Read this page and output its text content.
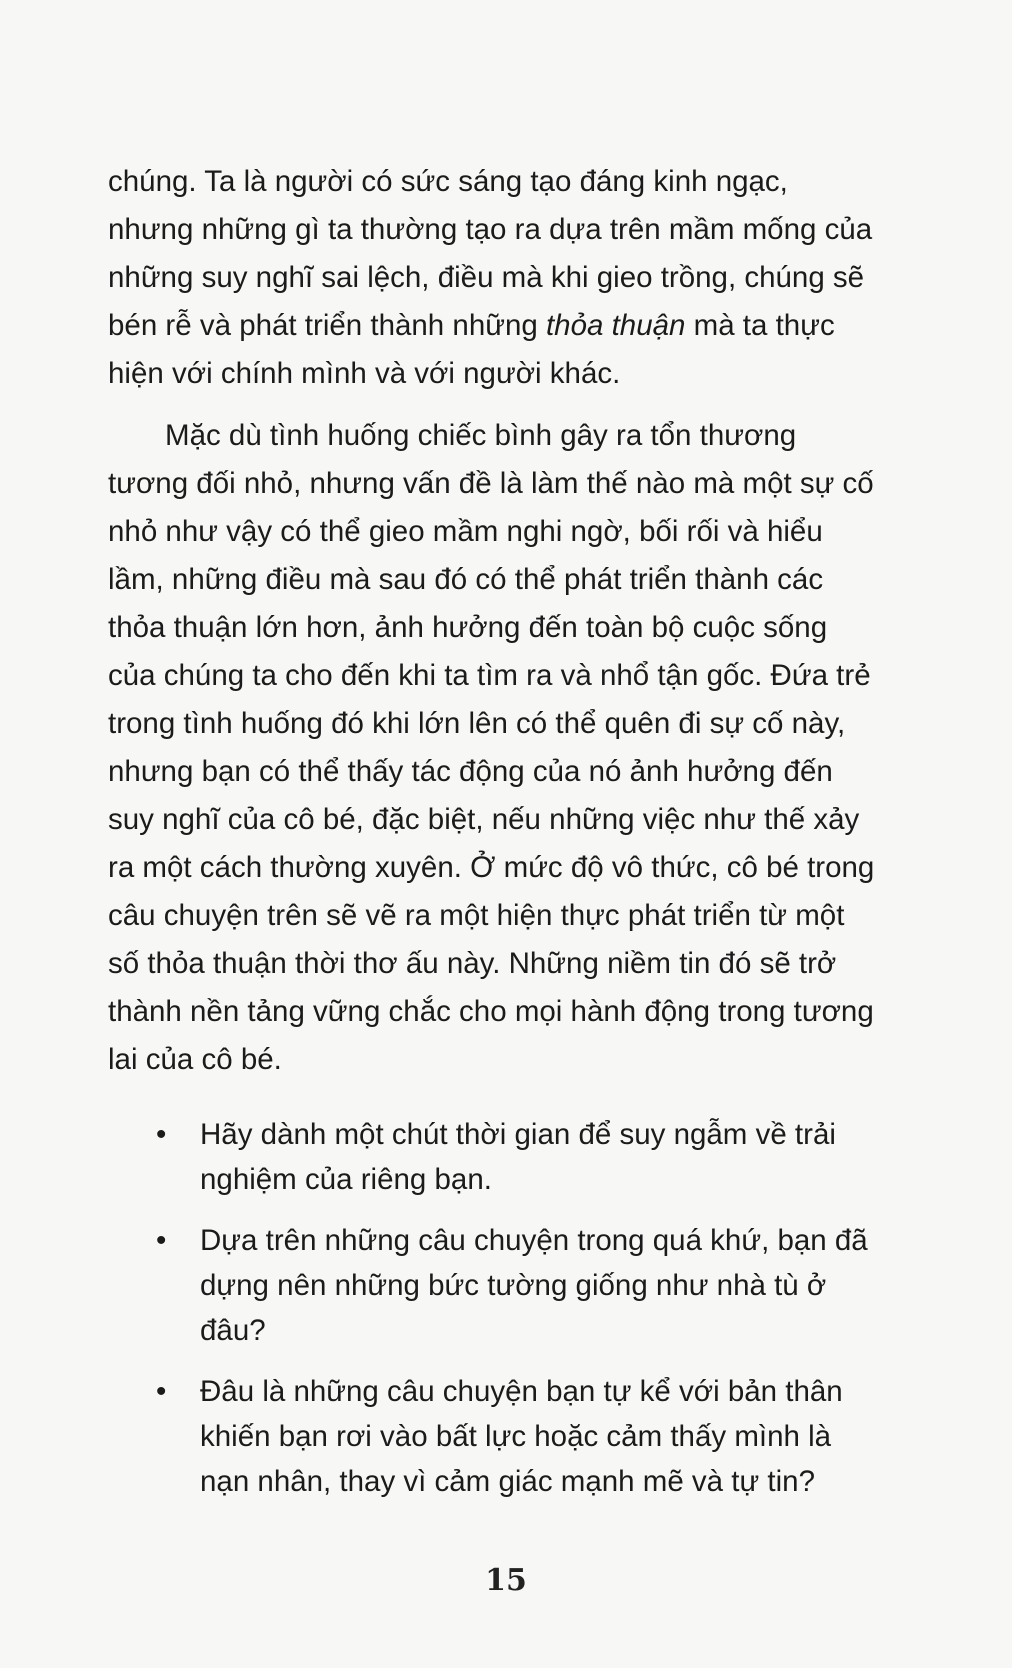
chúng. Ta là người có sức sáng tạo đáng kinh ngạc, nhưng những gì ta thường tạo ra dựa trên mầm mống của những suy nghĩ sai lệch, điều mà khi gieo trồng, chúng sẽ bén rễ và phát triển thành những thỏa thuận mà ta thực hiện với chính mình và với người khác.

Mặc dù tình huống chiếc bình gây ra tổn thương tương đối nhỏ, nhưng vấn đề là làm thế nào mà một sự cố nhỏ như vậy có thể gieo mầm nghi ngờ, bối rối và hiểu lầm, những điều mà sau đó có thể phát triển thành các thỏa thuận lớn hơn, ảnh hưởng đến toàn bộ cuộc sống của chúng ta cho đến khi ta tìm ra và nhổ tận gốc. Đứa trẻ trong tình huống đó khi lớn lên có thể quên đi sự cố này, nhưng bạn có thể thấy tác động của nó ảnh hưởng đến suy nghĩ của cô bé, đặc biệt, nếu những việc như thế xảy ra một cách thường xuyên. Ở mức độ vô thức, cô bé trong câu chuyện trên sẽ vẽ ra một hiện thực phát triển từ một số thỏa thuận thời thơ ấu này. Những niềm tin đó sẽ trở thành nền tảng vững chắc cho mọi hành động trong tương lai của cô bé.

• Hãy dành một chút thời gian để suy ngẫm về trải nghiệm của riêng bạn.
• Dựa trên những câu chuyện trong quá khứ, bạn đã dựng nên những bức tường giống như nhà tù ở đâu?
• Đâu là những câu chuyện bạn tự kể với bản thân khiến bạn rơi vào bất lực hoặc cảm thấy mình là nạn nhân, thay vì cảm giác mạnh mẽ và tự tin?
15
